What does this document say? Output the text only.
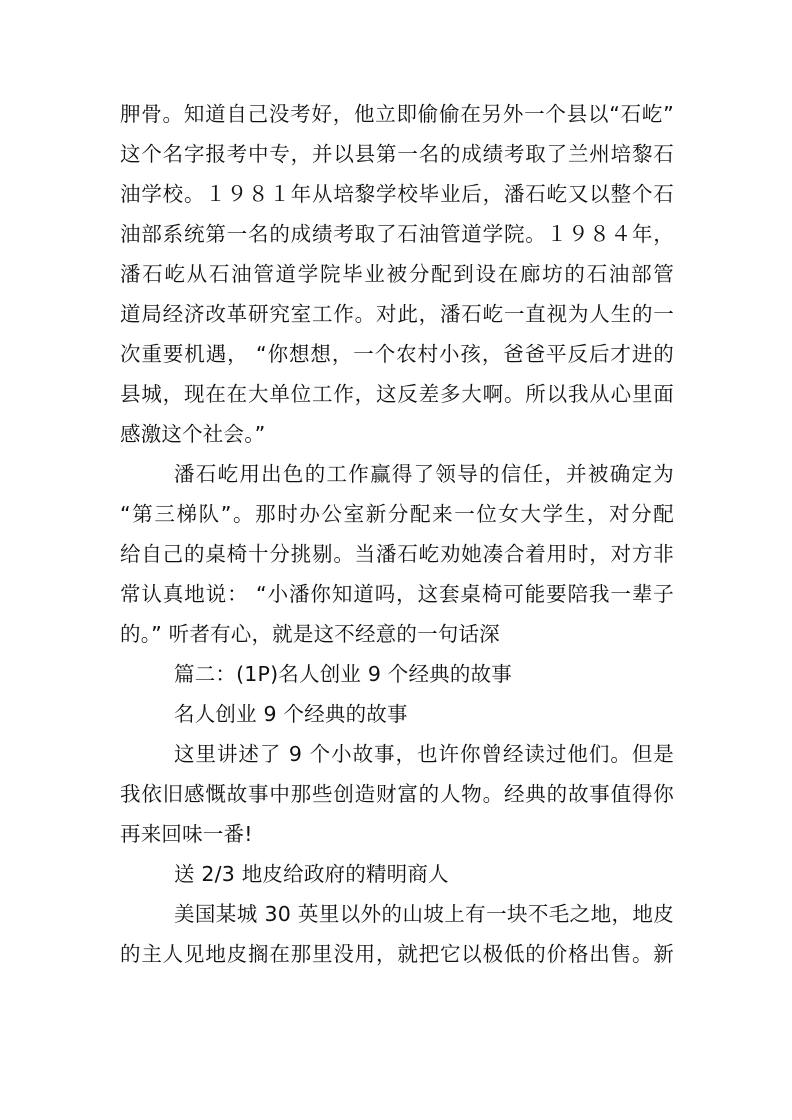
胛骨。知道自己没考好，他立即偷偷在另外一个县以“石屹”
这个名字报考中专，并以县第一名的成绩考取了兰州培黎石
油学校。１９８１年从培黎学校毕业后，潘石屹又以整个石
油部系统第一名的成绩考取了石油管道学院。１９８４年，
潘石屹从石油管道学院毕业被分配到设在廊坊的石油部管
道局经济改革研究室工作。对此，潘石屹一直视为人生的一
次重要机遇， “你想想，一个农村小孩，爸爸平反后才进的
县城，现在在大单位工作，这反差多大啊。所以我从心里面
感激这个社会。”
潘石屹用出色的工作赢得了领导的信任，并被确定为
“第三梯队”。那时办公室新分配来一位女大学生，对分配
给自己的桌椅十分挑剔。当潘石屹劝她凑合着用时，对方非
常认真地说： “小潘你知道吗，这套桌椅可能要陪我一辈子
的。” 听者有心，就是这不经意的一句话深
篇二：(1P)名人创业 9 个经典的故事
名人创业 9 个经典的故事
这里讲述了 9 个小故事，也许你曾经读过他们。但是
我依旧感慨故事中那些创造财富的人物。经典的故事值得你
再来回味一番!
送 2/3 地皮给政府的精明商人
美国某城 30 英里以外的山坡上有一块不毛之地，地皮
的主人见地皮搁在那里没用，就把它以极低的价格出售。新
